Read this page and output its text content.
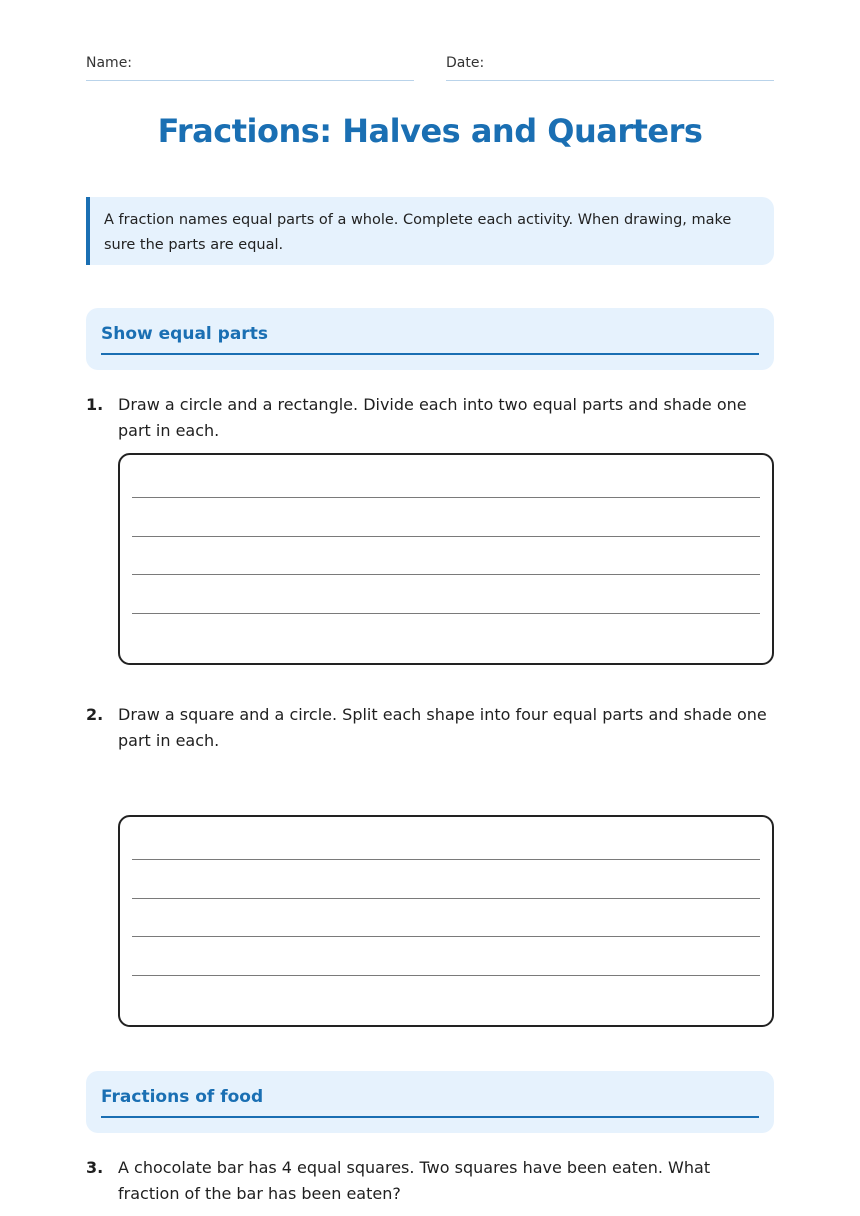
Name:	Date:
Fractions: Halves and Quarters
A fraction names equal parts of a whole. Complete each activity. When drawing, make sure the parts are equal.
Show equal parts
1. Draw a circle and a rectangle. Divide each into two equal parts and shade one part in each.
2. Draw a square and a circle. Split each shape into four equal parts and shade one part in each.
Fractions of food
3. A chocolate bar has 4 equal squares. Two squares have been eaten. What fraction of the bar has been eaten?
